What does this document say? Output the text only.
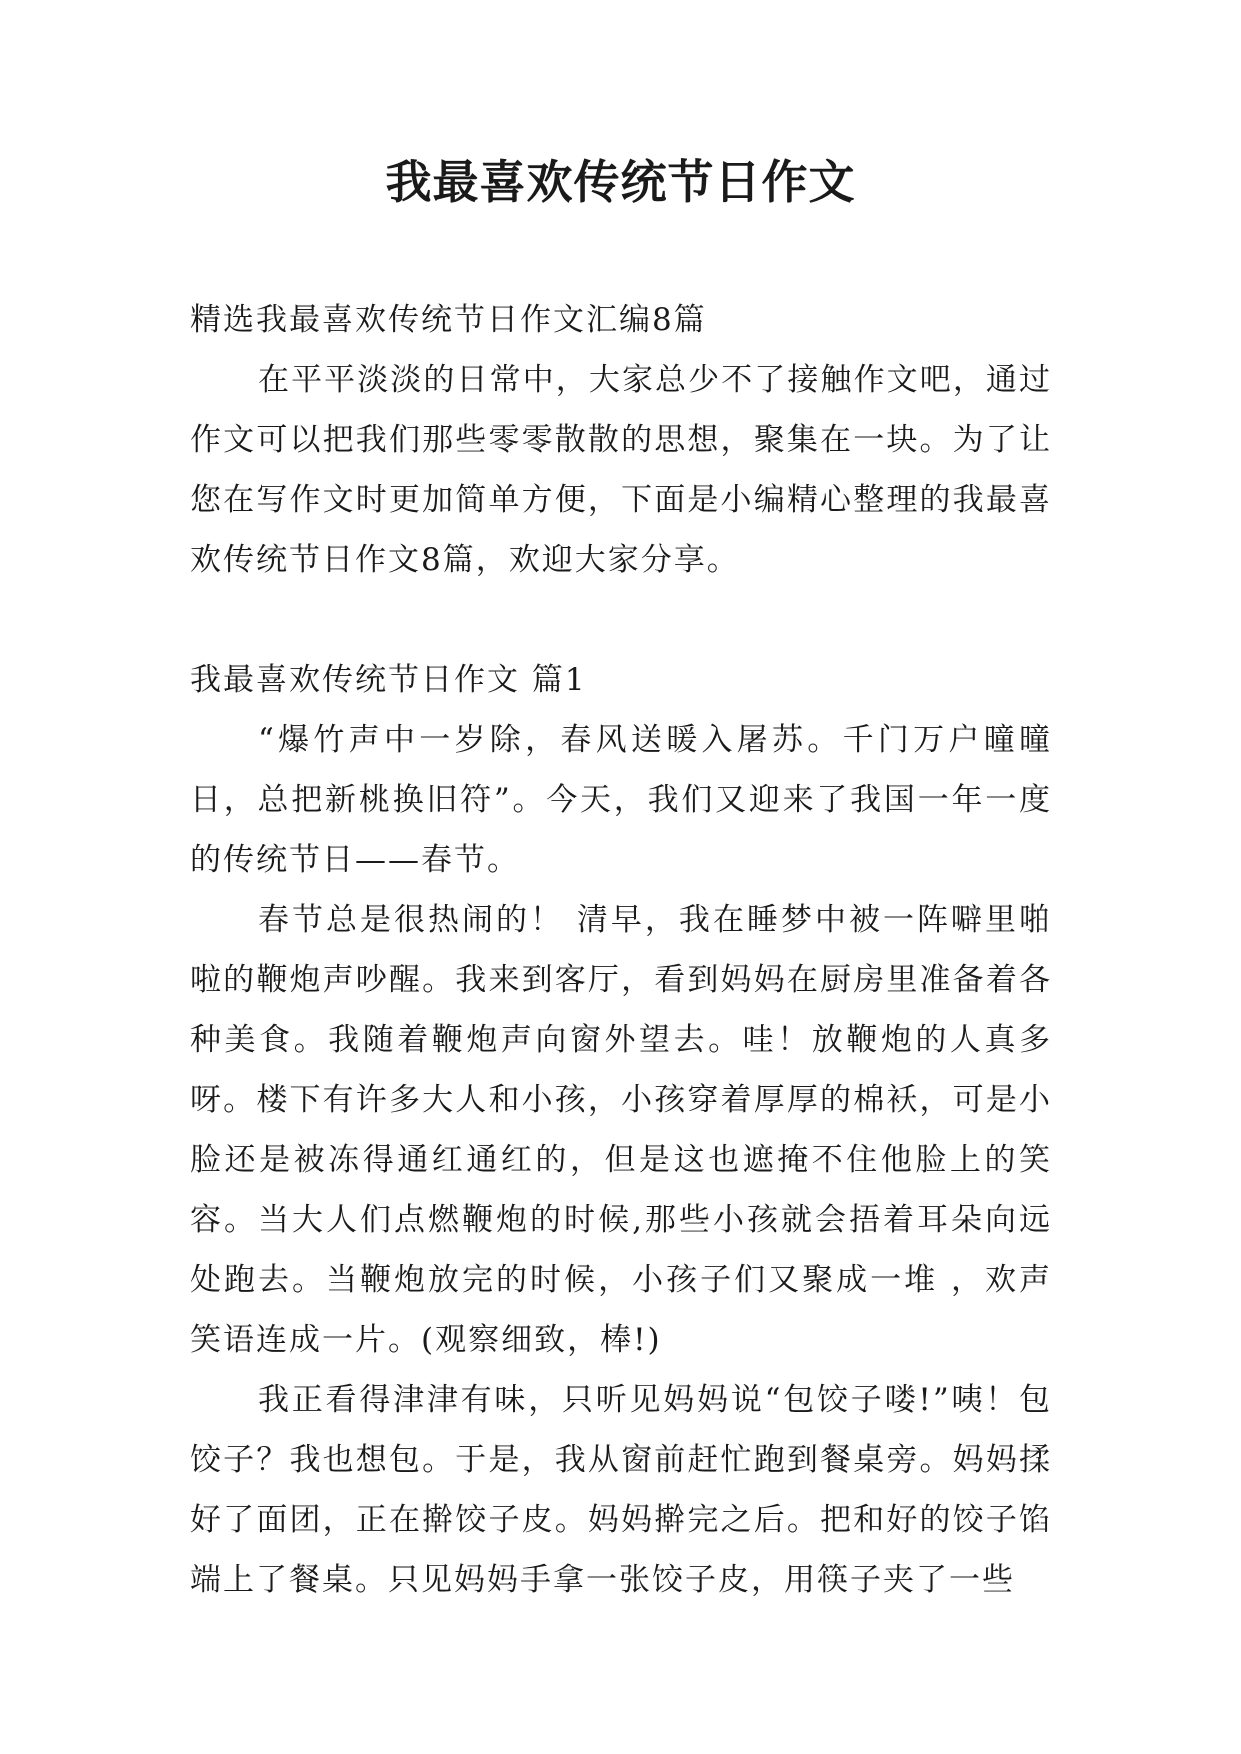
我最喜欢传统节日作文

精选我最喜欢传统节日作文汇编8篇

在平平淡淡的日常中，大家总少不了接触作文吧，通过作文可以把我们那些零零散散的思想，聚集在一块。为了让您在写作文时更加简单方便，下面是小编精心整理的我最喜欢传统节日作文8篇，欢迎大家分享。

我最喜欢传统节日作文 篇1

“爆竹声中一岁除，春风送暖入屠苏。千门万户曈曈日，总把新桃换旧符”。今天，我们又迎来了我国一年一度的传统节日——春节。

春节总是很热闹的！ 清早，我在睡梦中被一阵噼里啪啦的鞭炮声吵醒。我来到客厅，看到妈妈在厨房里准备着各种美食。我随着鞭炮声向窗外望去。哇！放鞭炮的人真多呀。楼下有许多大人和小孩，小孩穿着厚厚的棉袄，可是小脸还是被冻得通红通红的，但是这也遮掩不住他脸上的笑容。当大人们点燃鞭炮的时候,那些小孩就会捂着耳朵向远处跑去。当鞭炮放完的时候，小孩子们又聚成一堆 ，欢声笑语连成一片。(观察细致，棒!)

我正看得津津有味，只听见妈妈说“包饺子喽!”咦！包饺子？我也想包。于是，我从窗前赶忙跑到餐桌旁。妈妈揉好了面团，正在擀饺子皮。妈妈擀完之后。把和好的饺子馅端上了餐桌。只见妈妈手拿一张饺子皮，用筷子夹了一些
